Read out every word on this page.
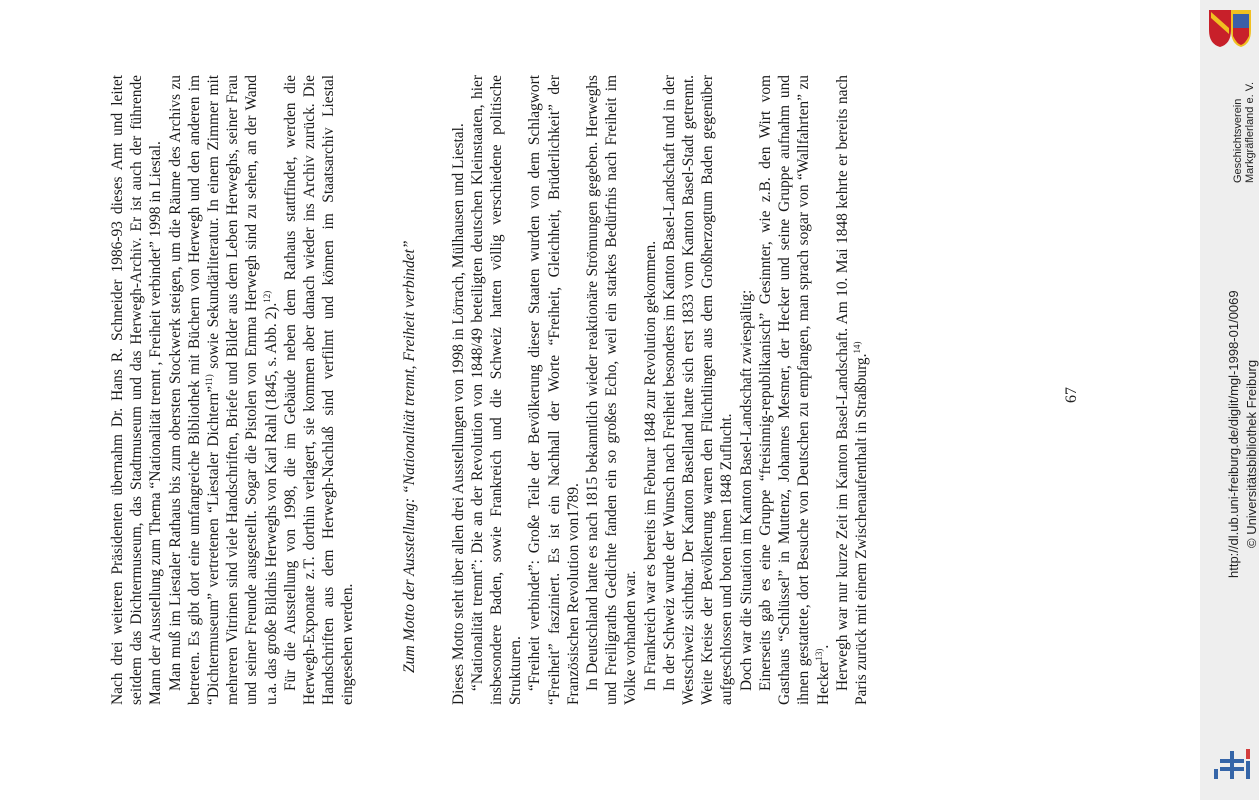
Nach drei weiteren Präsidenten übernahm Dr. Hans R. Schneider 1986-93 dieses Amt und leitet seitdem das Dichtermuseum, das Stadtmuseum und das Herwegh-Archiv. Er ist auch der führende Mann der Ausstellung zum Thema “Nationalität trennt , Freiheit verbindet” 1998 in Liestal. Man muß im Liestaler Rathaus bis zum obersten Stockwerk steigen, um die Räume des Archivs zu betreten. Es gibt dort eine umfangreiche Bibliothek mit Büchern von Herwegh und den anderen im “Dichtermuseum” vertretenen “Liestaler Dichtern”$^{11)}$ sowie Sekundärliteratur. In einem Zimmer mit mehreren Vitrinen sind viele Handschriften, Briefe und Bilder aus dem Leben Herweghs, seiner Frau und seiner Freunde ausgestellt. Sogar die Pistolen von Emma Herwegh sind zu sehen, an der Wand u.a. das große Bildnis Herweghs von Karl Rahl (1845, s. Abb. 2).$^{12)}$ Für die Ausstellung von 1998, die im Gebäude neben dem Rathaus stattfindet, werden die Herwegh-Exponate z.T. dorthin verlagert, sie kommen aber danach wieder ins Archiv zurück. Die Handschriften aus dem Herwegh-Nachlaß sind verfilmt und können im Staatsarchiv Liestal eingesehen werden.	Zum Motto der Ausstellung: “Nationalität trennt, Freiheit verbindet” Dieses Motto steht über allen drei Ausstellungen von 1998 in Lörrach, Mülhausen und Liestal. “Nationalität trennt”: Die an der Revolution von 1848/49 beteiligten deutschen Kleinstaaten, hier insbesondere Baden, sowie Frankreich und die Schweiz hatten völlig verschiedene politische Strukturen. “Freiheit verbindet”: Große Teile der Bevölkerung dieser Staaten wurden von dem Schlagwort “Freiheit” fasziniert. Es ist ein Nachhall der Worte “Freiheit, Gleichheit, Brüderlichkeit” der Französischen Revolution von1789. In Deutschland hatte es nach 1815 bekanntlich wieder reaktionäre Strömungen gegeben. Herweghs und Freiligraths Gedichte fanden ein so großes Echo, weil ein starkes Bedürfnis nach Freiheit im Volke vorhanden war. In Frankreich war es bereits im Februar 1848 zur Revolution gekommen. In der Schweiz wurde der Wunsch nach Freiheit besonders im Kanton Basel-Landschaft und in der Westschweiz sichtbar. Der Kanton Baselland hatte sich erst 1833 vom Kanton Basel-Stadt getrennt. Weite Kreise der Bevölkerung waren den Flüchtlingen aus dem Großherzogtum Baden gegenüber aufgeschlossen und boten ihnen 1848 Zuflucht. Doch war die Situation im Kanton Basel-Landschaft zwiespältig: Einerseits gab es eine Gruppe “freisinnig-republikanisch” Gesinnter, wie z.B. den Wirt vom Gasthaus “Schlüssel” in Muttenz, Johannes Mesmer, der Hecker und seine Gruppe aufnahm und ihnen gestattete, dort Besuche von Deutschen zu empfangen, man sprach sogar von “Wallfahrten” zu Hecker$^{13)}$. Herwegh war nur kurze Zeit im Kanton Basel-Landschaft. Am 10. Mai 1848 kehrte er bereits nach Paris zurück mit einem Zwischenaufenthalt in Straßburg.$^{14)}$

67
Geschichtsverein Markgräflerland e. V.
http://dl.ub.uni-freiburg.de/diglit/mgl-1998-01/0069 © Universitätsbibliothek Freiburg
